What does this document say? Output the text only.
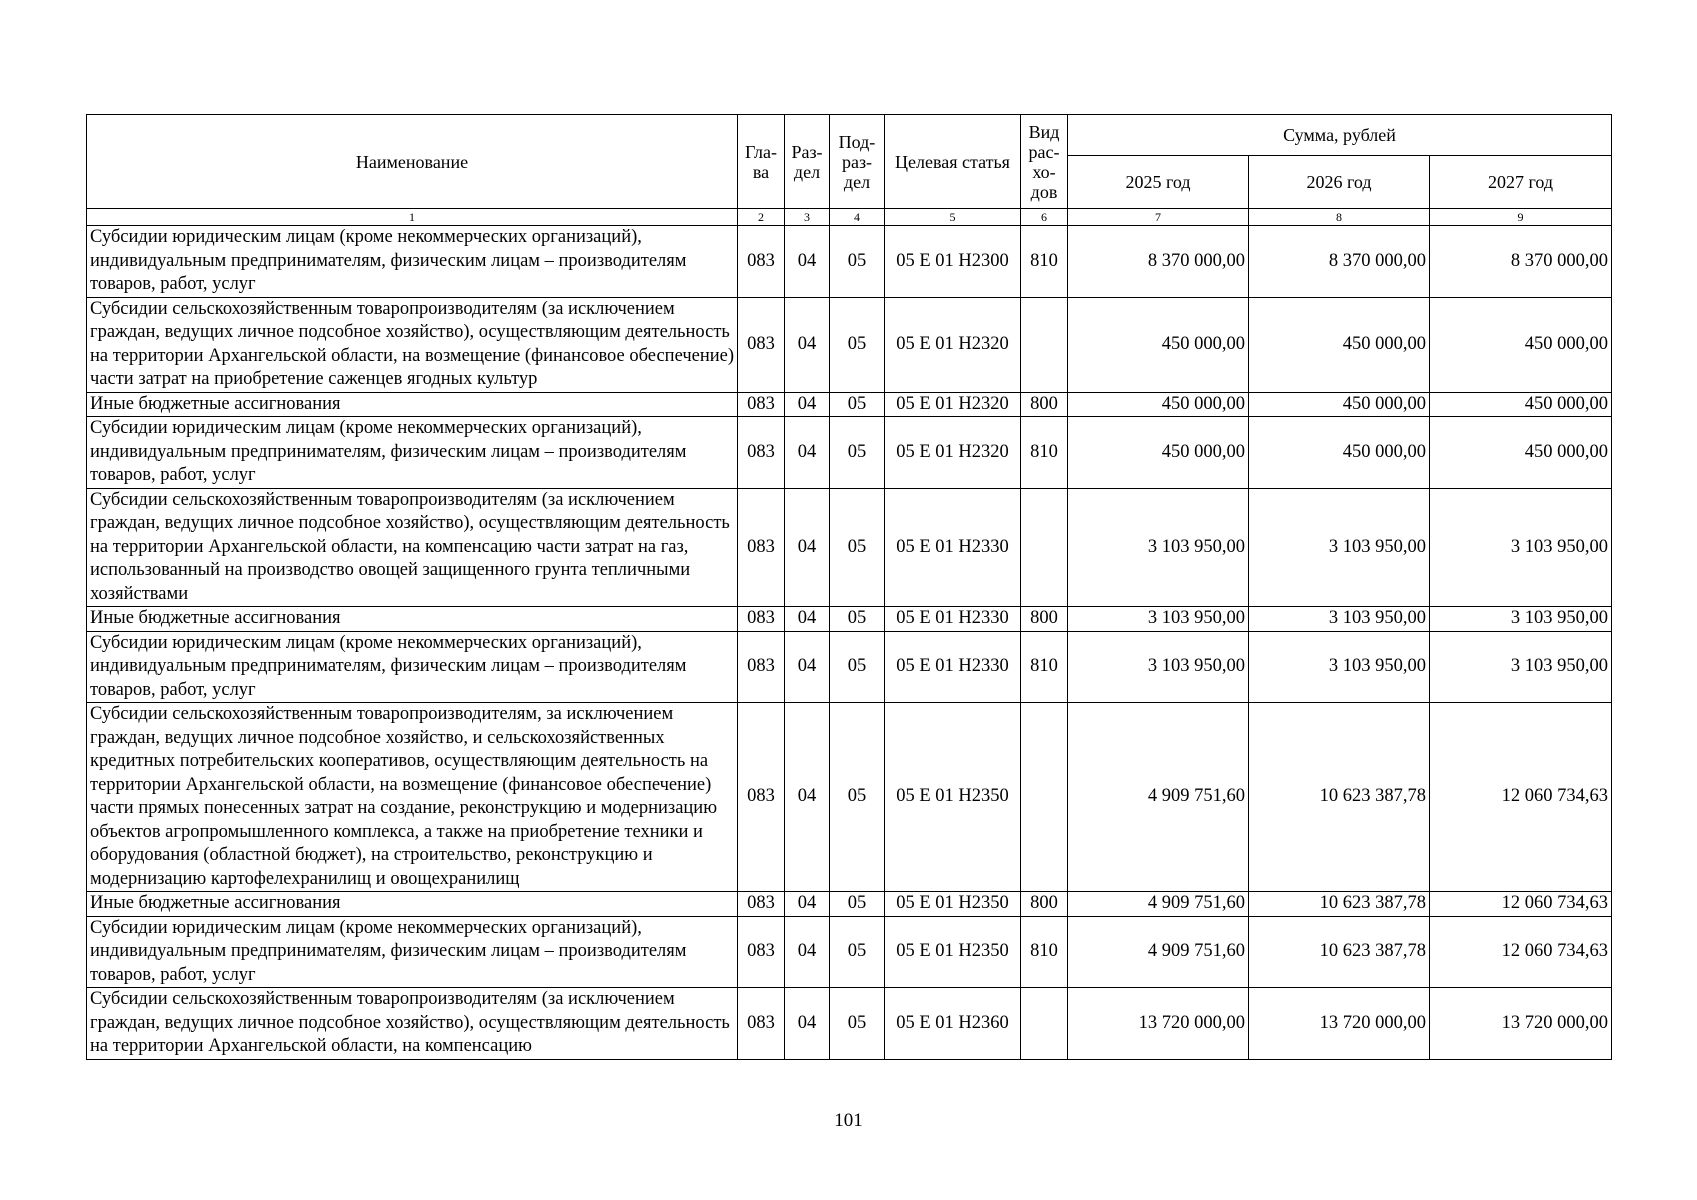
Наименование	Гла-ва	Раз-дел	Под-раз-дел	Целевая статья	Вид рас-хо-дов	Сумма, рублей		
						2025 год	2026 год	2027 год
1	2	3	4	5	6	7	8	9
Субсидии юридическим лицам (кроме некоммерческих организаций), индивидуальным предпринимателям, физическим лицам – производителям товаров, работ, услуг	083	04	05	05 Е 01 Н2300	810	8 370 000,00	8 370 000,00	8 370 000,00
Субсидии сельскохозяйственным товаропроизводителям (за исключением граждан, ведущих личное подсобное хозяйство), осуществляющим деятельность на территории Архангельской области, на возмещение (финансовое обеспечение) части затрат на приобретение саженцев ягодных культур	083	04	05	05 Е 01 Н2320		450 000,00	450 000,00	450 000,00
Иные бюджетные ассигнования	083	04	05	05 Е 01 Н2320	800	450 000,00	450 000,00	450 000,00
Субсидии юридическим лицам (кроме некоммерческих организаций), индивидуальным предпринимателям, физическим лицам – производителям товаров, работ, услуг	083	04	05	05 Е 01 Н2320	810	450 000,00	450 000,00	450 000,00
Субсидии сельскохозяйственным товаропроизводителям (за исключением граждан, ведущих личное подсобное хозяйство), осуществляющим деятельность на территории Архангельской области, на компенсацию части затрат на газ, использованный на производство овощей защищенного грунта тепличными хозяйствами	083	04	05	05 Е 01 Н2330		3 103 950,00	3 103 950,00	3 103 950,00
Иные бюджетные ассигнования	083	04	05	05 Е 01 Н2330	800	3 103 950,00	3 103 950,00	3 103 950,00
Субсидии юридическим лицам (кроме некоммерческих организаций), индивидуальным предпринимателям, физическим лицам – производителям товаров, работ, услуг	083	04	05	05 Е 01 Н2330	810	3 103 950,00	3 103 950,00	3 103 950,00
Субсидии сельскохозяйственным товаропроизводителям, за исключением граждан, ведущих личное подсобное хозяйство, и сельскохозяйственных кредитных потребительских кооперативов, осуществляющим деятельность на территории Архангельской области, на возмещение (финансовое обеспечение) части прямых понесенных затрат на создание, реконструкцию и модернизацию объектов агропромышленного комплекса, а также на приобретение техники и оборудования (областной бюджет), на строительство, реконструкцию и модернизацию картофелехранилищ и овощехранилищ	083	04	05	05 Е 01 Н2350		4 909 751,60	10 623 387,78	12 060 734,63
Иные бюджетные ассигнования	083	04	05	05 Е 01 Н2350	800	4 909 751,60	10 623 387,78	12 060 734,63
Субсидии юридическим лицам (кроме некоммерческих организаций), индивидуальным предпринимателям, физическим лицам – производителям товаров, работ, услуг	083	04	05	05 Е 01 Н2350	810	4 909 751,60	10 623 387,78	12 060 734,63
Субсидии сельскохозяйственным товаропроизводителям (за исключением граждан, ведущих личное подсобное хозяйство), осуществляющим деятельность на территории Архангельской области, на компенсацию	083	04	05	05 Е 01 Н2360		13 720 000,00	13 720 000,00	13 720 000,00
101
